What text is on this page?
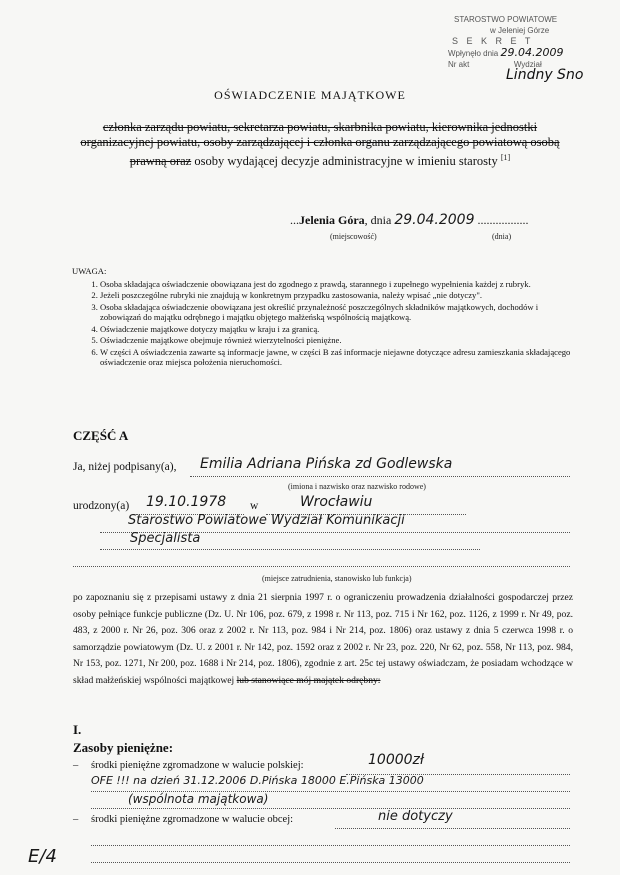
STAROSTWO POWIATOWE
w Jeleniej Górze
S E K R E T
Wpłynęło dnia 29.04.2009
Nr akt	Wydział
Lindny Sno
OŚWIADCZENIE MAJĄTKOWE
członka zarządu powiatu, sekretarza powiatu, skarbnika powiatu, kierownika jednostki organizacyjnej powiatu, osoby zarządzającej i członka organu zarządzającego powiatową osobą prawną oraz osoby wydającej decyzje administracyjne w imieniu starosty [1]
...Jelenia Góra, dnia 29.04.2009 .................
(miejscowość)	(dnia)
UWAGA:
1. Osoba składająca oświadczenie obowiązana jest do zgodnego z prawdą, starannego i zupełnego wypełnienia każdej z rubryk.
2. Jeżeli poszczególne rubryki nie znajdują w konkretnym przypadku zastosowania, należy wpisać „nie dotyczy".
3. Osoba składająca oświadczenie obowiązana jest określić przynależność poszczególnych składników majątkowych, dochodów i zobowiązań do majątku odrębnego i majątku objętego małżeńską wspólnością majątkową.
4. Oświadczenie majątkowe dotyczy majątku w kraju i za granicą.
5. Oświadczenie majątkowe obejmuje również wierzytelności pieniężne.
6. W części A oświadczenia zawarte są informacje jawne, w części B zaś informacje niejawne dotyczące adresu zamieszkania składającego oświadczenie oraz miejsca położenia nieruchomości.
CZĘŚĆ A
Ja, niżej podpisany(a), Emilia Adriana Pińska zd Godlewska
(imiona i nazwisko oraz nazwisko rodowe)
urodzony(a) 19.10.1978 w	Wrocławiu
Starostwo Powiatowe Wydział Komunikacji
Specjalista
(miejsce zatrudnienia, stanowisko lub funkcja)
po zapoznaniu się z przepisami ustawy z dnia 21 sierpnia 1997 r. o ograniczeniu prowadzenia działalności gospodarczej przez osoby pełniące funkcje publiczne (Dz. U. Nr 106, poz. 679, z 1998 r. Nr 113, poz. 715 i Nr 162, poz. 1126, z 1999 r. Nr 49, poz. 483, z 2000 r. Nr 26, poz. 306 oraz z 2002 r. Nr 113, poz. 984 i Nr 214, poz. 1806) oraz ustawy z dnia 5 czerwca 1998 r. o samorządzie powiatowym (Dz. U. z 2001 r. Nr 142, poz. 1592 oraz z 2002 r. Nr 23, poz. 220, Nr 62, poz. 558, Nr 113, poz. 984, Nr 153, poz. 1271, Nr 200, poz. 1688 i Nr 214, poz. 1806), zgodnie z art. 25c tej ustawy oświadczam, że posiadam wchodzące w skład małżeńskiej wspólności majątkowej lub stanowiące mój majątek odrębny:
I.
Zasoby pieniężne:
– środki pieniężne zgromadzone w walucie polskiej:	10000zł
OFE !!! na dzień 31.12.2006 D.Pińska 18000 E.Pińska 13000
(wspólnota majątkowa)
– środki pieniężne zgromadzone w walucie obcej:	nie dotyczy
E/4
